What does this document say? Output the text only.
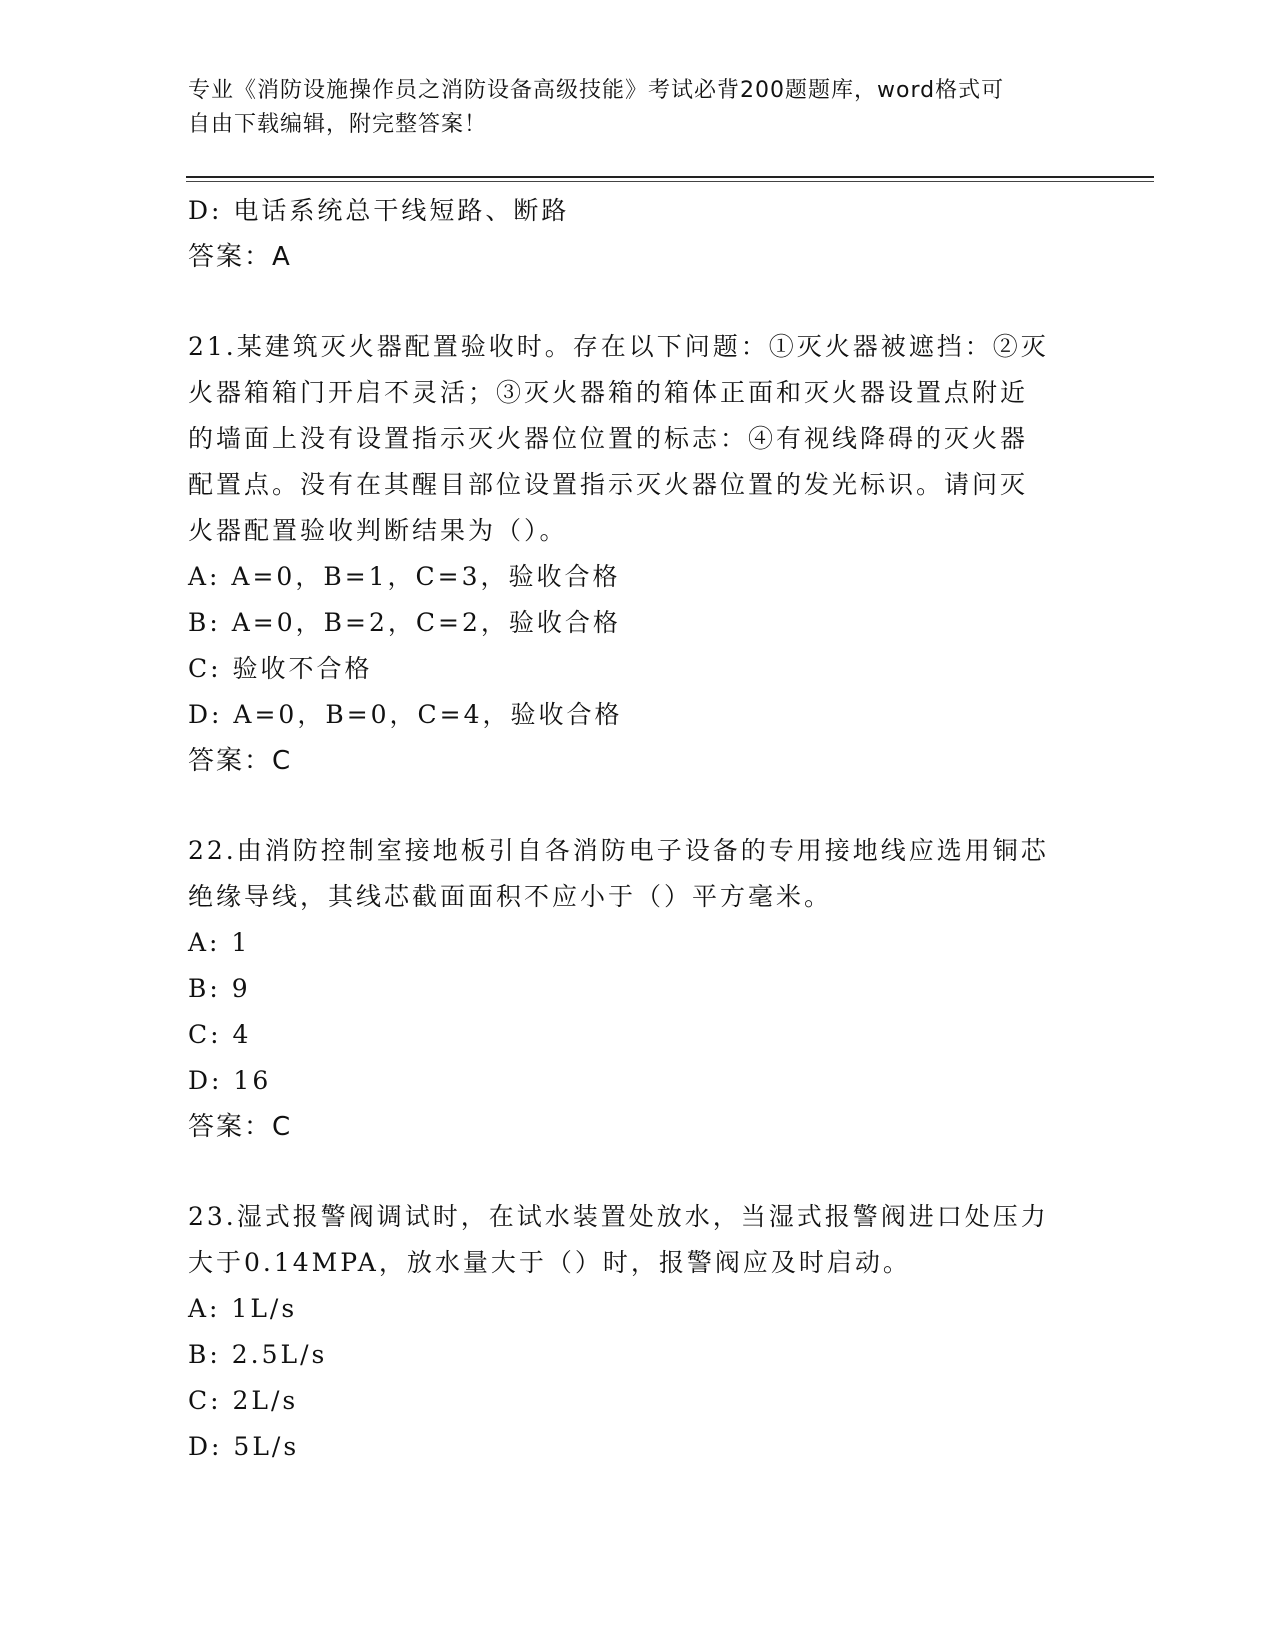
专业《消防设施操作员之消防设备高级技能》考试必背200题题库，word格式可
自由下载编辑，附完整答案！
D: 电话系统总干线短路、断路
答案：A
21.某建筑灭火器配置验收时。存在以下问题：①灭火器被遮挡：②灭
火器箱箱门开启不灵活；③灭火器箱的箱体正面和灭火器设置点附近
的墙面上没有设置指示灭火器位位置的标志：④有视线降碍的灭火器
配置点。没有在其醒目部位设置指示灭火器位置的发光标识。请问灭
火器配置验收判断结果为（）。
A: A=0，B=1，C=3，验收合格
B: A=0，B=2，C=2，验收合格
C: 验收不合格
D: A=0，B=0，C=4，验收合格
答案：C
22.由消防控制室接地板引自各消防电子设备的专用接地线应选用铜芯
绝缘导线，其线芯截面面积不应小于（）平方毫米。
A: 1
B: 9
C: 4
D: 16
答案：C
23.湿式报警阀调试时，在试水装置处放水，当湿式报警阀进口处压力
大于0.14MPA，放水量大于（）时，报警阀应及时启动。
A: 1L/s
B: 2.5L/s
C: 2L/s
D: 5L/s
